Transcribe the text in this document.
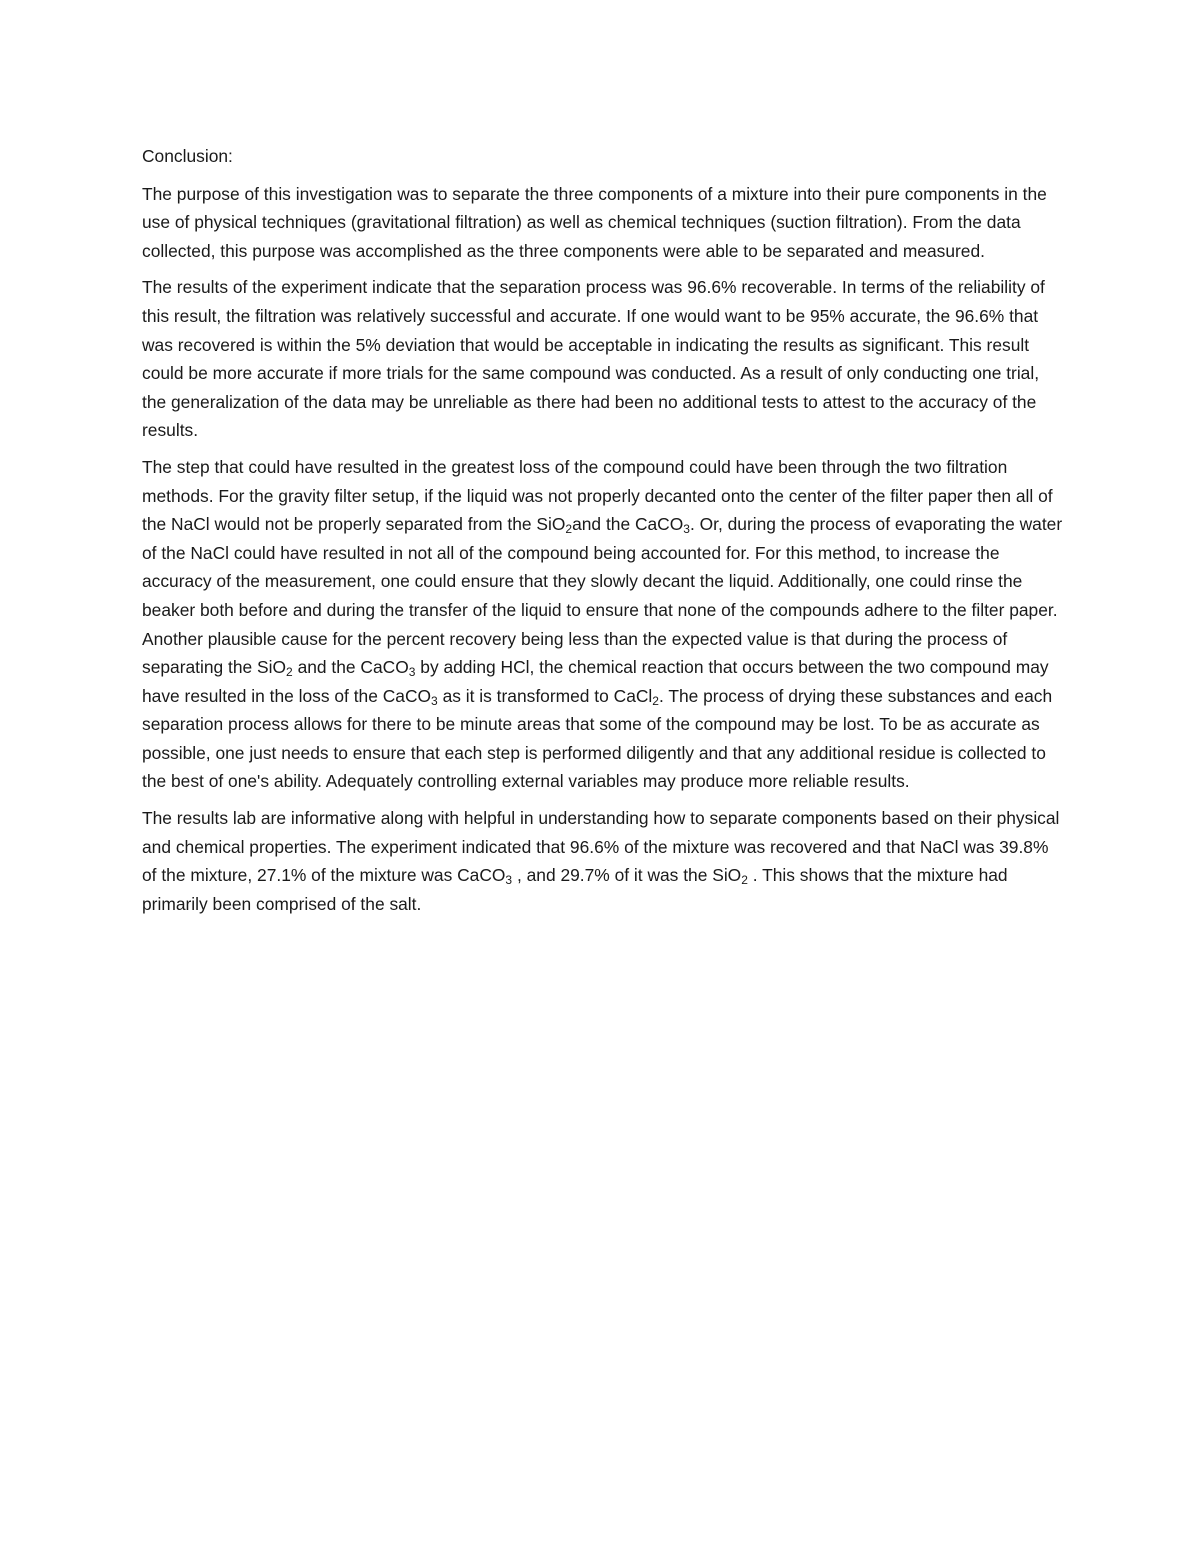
Conclusion:

The purpose of this investigation was to separate the three components of a mixture into their pure components in the use of physical techniques (gravitational filtration) as well as chemical techniques (suction filtration). From the data collected, this purpose was accomplished as the three components were able to be separated and measured.

The results of the experiment indicate that the separation process was 96.6% recoverable. In terms of the reliability of this result, the filtration was relatively successful and accurate. If one would want to be 95% accurate, the 96.6% that was recovered is within the 5% deviation that would be acceptable in indicating the results as significant. This result could be more accurate if more trials for the same compound was conducted. As a result of only conducting one trial, the generalization of the data may be unreliable as there had been no additional tests to attest to the accuracy of the results.

The step that could have resulted in the greatest loss of the compound could have been through the two filtration methods. For the gravity filter setup, if the liquid was not properly decanted onto the center of the filter paper then all of the NaCl would not be properly separated from the SiO$_2$and the CaCO$_3$. Or, during the process of evaporating the water of the NaCl could have resulted in not all of the compound being accounted for. For this method, to increase the accuracy of the measurement, one could ensure that they slowly decant the liquid. Additionally, one could rinse the beaker both before and during the transfer of the liquid to ensure that none of the compounds adhere to the filter paper. Another plausible cause for the percent recovery being less than the expected value is that during the process of separating the SiO$_2$ and the CaCO$_3$ by adding HCl, the chemical reaction that occurs between the two compound may have resulted in the loss of the CaCO$_3$ as it is transformed to CaCl$_2$. The process of drying these substances and each separation process allows for there to be minute areas that some of the compound may be lost. To be as accurate as possible, one just needs to ensure that each step is performed diligently and that any additional residue is collected to the best of one's ability. Adequately controlling external variables may produce more reliable results.

The results lab are informative along with helpful in understanding how to separate components based on their physical and chemical properties. The experiment indicated that 96.6% of the mixture was recovered and that NaCl was 39.8% of the mixture, 27.1% of the mixture was CaCO$_3$ , and 29.7% of it was the SiO$_2$ . This shows that the mixture had primarily been comprised of the salt.
